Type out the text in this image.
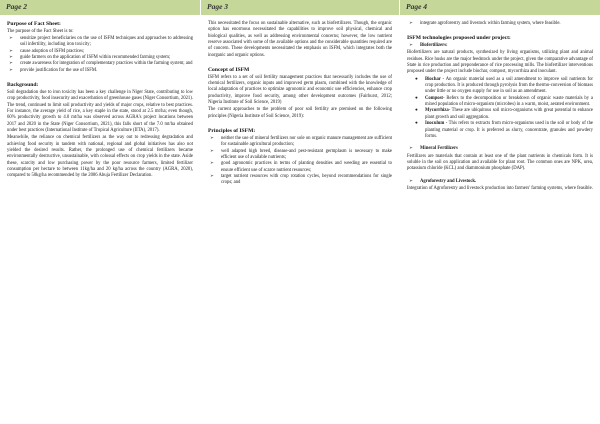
Page 2
Purpose of Fact Sheet:
The purpose of the Fact Sheet is to:
➢ sensitize project beneficiaries on the use of ISFM techniques and approaches to addressing soil infertility, including iron toxicity;
➢ cause adoption of ISFM practices;
➢ guide farmers on the application of ISFM within recommended farming system;
➢ create awareness for integration of complementary practices within the farming system; and
➢ provide justification for the use of ISFM.
Background:
Soil degradation due to iron toxicity has been a key challenge in Niger State, contributing to low crop productivity, food insecurity and exacerbation of greenhouse gases (Niger Consortium, 2021). The trend, continued to limit soil productivity and yields of major crops, relative to best practices. For instance, the average yield of rice, a key staple in the state, stood at 2.5 mt/ha; even though, 60% productivity growth to 4.0 mt/ha was observed across AGRA's project locations between 2017 and 2020 in the State (Niger Consortium, 2021), this falls short of the 7.0 mt/ha obtained under best practices (International Institute of Tropical Agriculture (IITA), 2017).
Meanwhile, the reliance on chemical fertilizers as the way out to redressing degradation and achieving food security in tandem with national, regional and global initiatives has also not yielded the desired results. Rather, the prolonged use of chemical fertilizers became environmentally destructive, unsustainable, with colossal effects on crop yields in the state. Aside these, scarcity and low purchasing power by the poor resource farmers, limited fertilizer consumption per hectare to between 11kg/ha and 20 kg/ha across the country (AGRA, 2020), compared to 50kg/ha recommended by the 2006 Abuja Fertilizer Declaration.
Page 3
This necessitated the focus on sustainable alternative, such as biofertilizers. Though, the organic option has enormous necessitated the capabilities to improve soil physical, chemical and biological qualities, as well as addressing environmental concerns; however, the low nutrient reserve associated with some of the available options and the considerable quantities required are of concern. These developments necessitated the emphasis on ISFM, which integrates both the inorganic and organic options.
Concept of ISFM
ISFM refers to a set of soil fertility management practices that necessarily includes the use of chemical fertilizers, organic inputs and improved germ plasm, combined with the knowledge of local adaptation of practices to optimize agronomic and economic use efficiencies, enhance crop productivity, improve food security, among other development outcomes (Fairhurst, 2012; Nigeria Institute of Soil Science, 2019)
The current approaches to the problem of poor soil fertility are premised on the following principles (Nigeria Institute of Soil Science, 2019):
Principles of ISFM:
➢ neither the use of mineral fertilizers nor sole on organic manure management are sufficient for sustainable agricultural production;
➢ well adapted high breed, disease-and pest-resistant germplasm is necessary to make efficient use of available nutrients;
➢ good agronomic practices in terms of planting densities and weeding are essential to ensure efficient use of scarce nutrient resources;
➢ target nutrient resources with crop rotation cycles, beyond recommendations for single crops; and
Page 4
➢ integrate agroforestry and livestock within farming system, where feasible.
ISFM technologies proposed under project:
➢ Biofertilizers:
Biofertilizers are natural products, synthesized by living organisms, utilizing plant and animal residues. Rice husks are the major feedstock under the project, given the comparative advantage of State in rice production and preponderance of rice processing mills. The biofertilizer interventions proposed under the project include biochar, compost, mycorrhiza and inoculant.
● Biochar - An organic material used as a soil amendment to improve soil nutrients for crop production. It is produced through pyrolysis from the thermo-conversion of biomass under little or no oxygen supply for use in soil as an amendment.
● Compost- Refers to the decomposition or breakdown of organic waste materials by a mixed population of micro-organism (microbes) in a warm, moist, aerated environment.
● Mycorrhiza- These are ubiquitous soil micro-organisms with great potential to enhance plant growth and soil aggregation.
● Inoculum - This refers to extracts from micro-organisms used in the soil or body of the planting material or crop. It is preferred as slurry, concentrate, granules and powdery forms.
➢ Mineral Fertilizers
Fertilizers are materials that contain at least one of the plant nutrients in chemicals form. It is soluble in the soil on application and available for plant root. The common ones are NPK, urea, potassium chloride (KCL) and diammonium phosphate (DAP).
➢ Agroforestry and Livestock.
Integration of Agroforestry and livestock production into farmers' farming systems, where feasible.
